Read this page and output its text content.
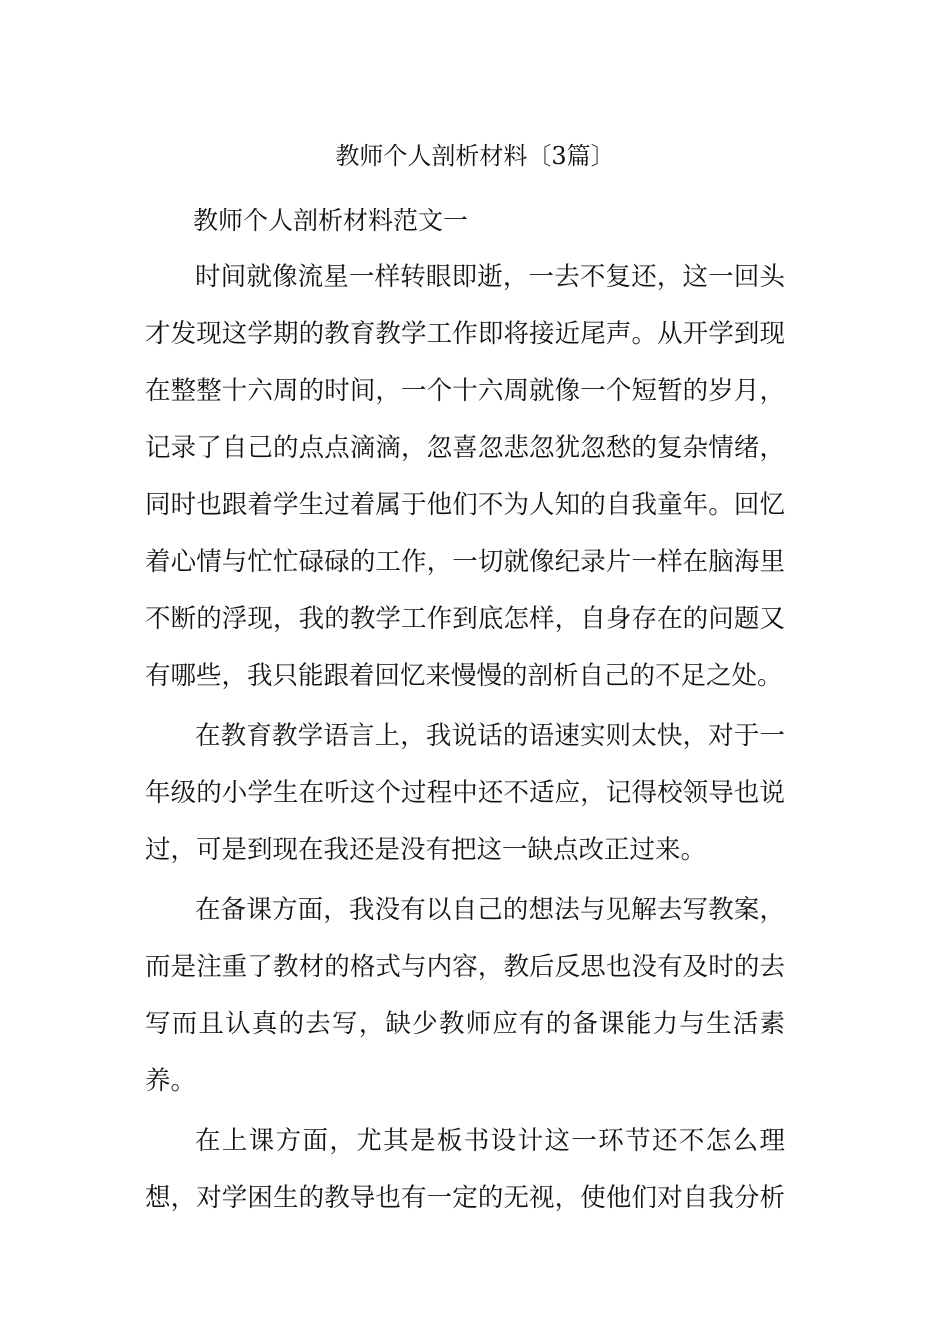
教师个人剖析材料〔3篇〕
教师个人剖析材料范文一
时间就像流星一样转眼即逝，一去不复还，这一回头
才发现这学期的教育教学工作即将接近尾声。从开学到现
在整整十六周的时间，一个十六周就像一个短暂的岁月，
记录了自己的点点滴滴，忽喜忽悲忽犹忽愁的复杂情绪，
同时也跟着学生过着属于他们不为人知的自我童年。回忆
着心情与忙忙碌碌的工作，一切就像纪录片一样在脑海里
不断的浮现，我的教学工作到底怎样，自身存在的问题又
有哪些，我只能跟着回忆来慢慢的剖析自己的不足之处。
在教育教学语言上，我说话的语速实则太快，对于一
年级的小学生在听这个过程中还不适应，记得校领导也说
过，可是到现在我还是没有把这一缺点改正过来。
在备课方面，我没有以自己的想法与见解去写教案，
而是注重了教材的格式与内容，教后反思也没有及时的去
写而且认真的去写，缺少教师应有的备课能力与生活素
养。
在上课方面，尤其是板书设计这一环节还不怎么理
想，对学困生的教导也有一定的无视，使他们对自我分析
